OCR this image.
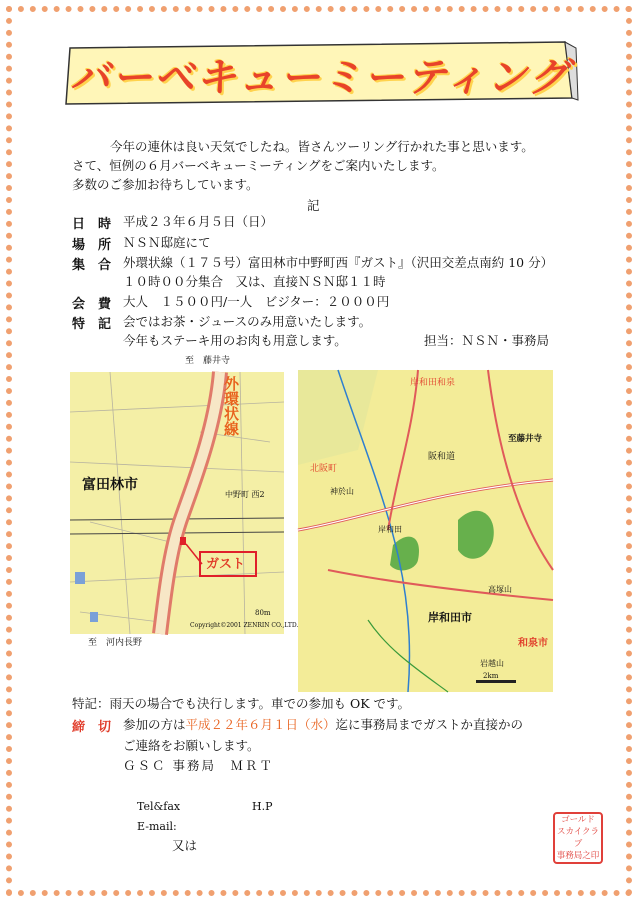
バーベキューミーティング
今年の連休は良い天気でしたね。皆さんツーリング行かれた事と思います。
さて、恒例の６月バーベキューミーティングをご案内いたします。
多数のご参加お待ちしています。
記
日　時 平成２３年６月５日（日）
場　所 ＮＳＮ邸庭にて
集　合 外環状線（１７５号）富田林市中野町西『ガスト』（沢田交差点南約 10 分）
１０時００分集合　又は、直接ＮＳＮ邸１１時
会　費 大人　１５００円/一人　ビジター：２０００円
特　記 会ではお茶・ジュースのみ用意いたします。
今年もステーキ用のお肉も用意します。	担当：ＮＳＮ・事務局
至　藤井寺
外環状線
富田林市
中野町 西2
ガスト
80m
Copyright©2001 ZENRIN CO.,LTD.
至　河内長野
岸和田和泉
至藤井寺
阪和道
北阪町
神於山
岸和田
岸和田市
高塚山
和泉市
岩越山
2km
特記：雨天の場合でも決行します。車での参加も OK です。
締　切 参加の方は平成２２年６月１日（水）迄に事務局までガストか直接かの
ご連絡をお願いします。
ＧＳＣ 事務局　ＭＲＴ
Tel&fax	H.P
E-mail:
又は
ゴールド
スカイクラブ
事務局之印
